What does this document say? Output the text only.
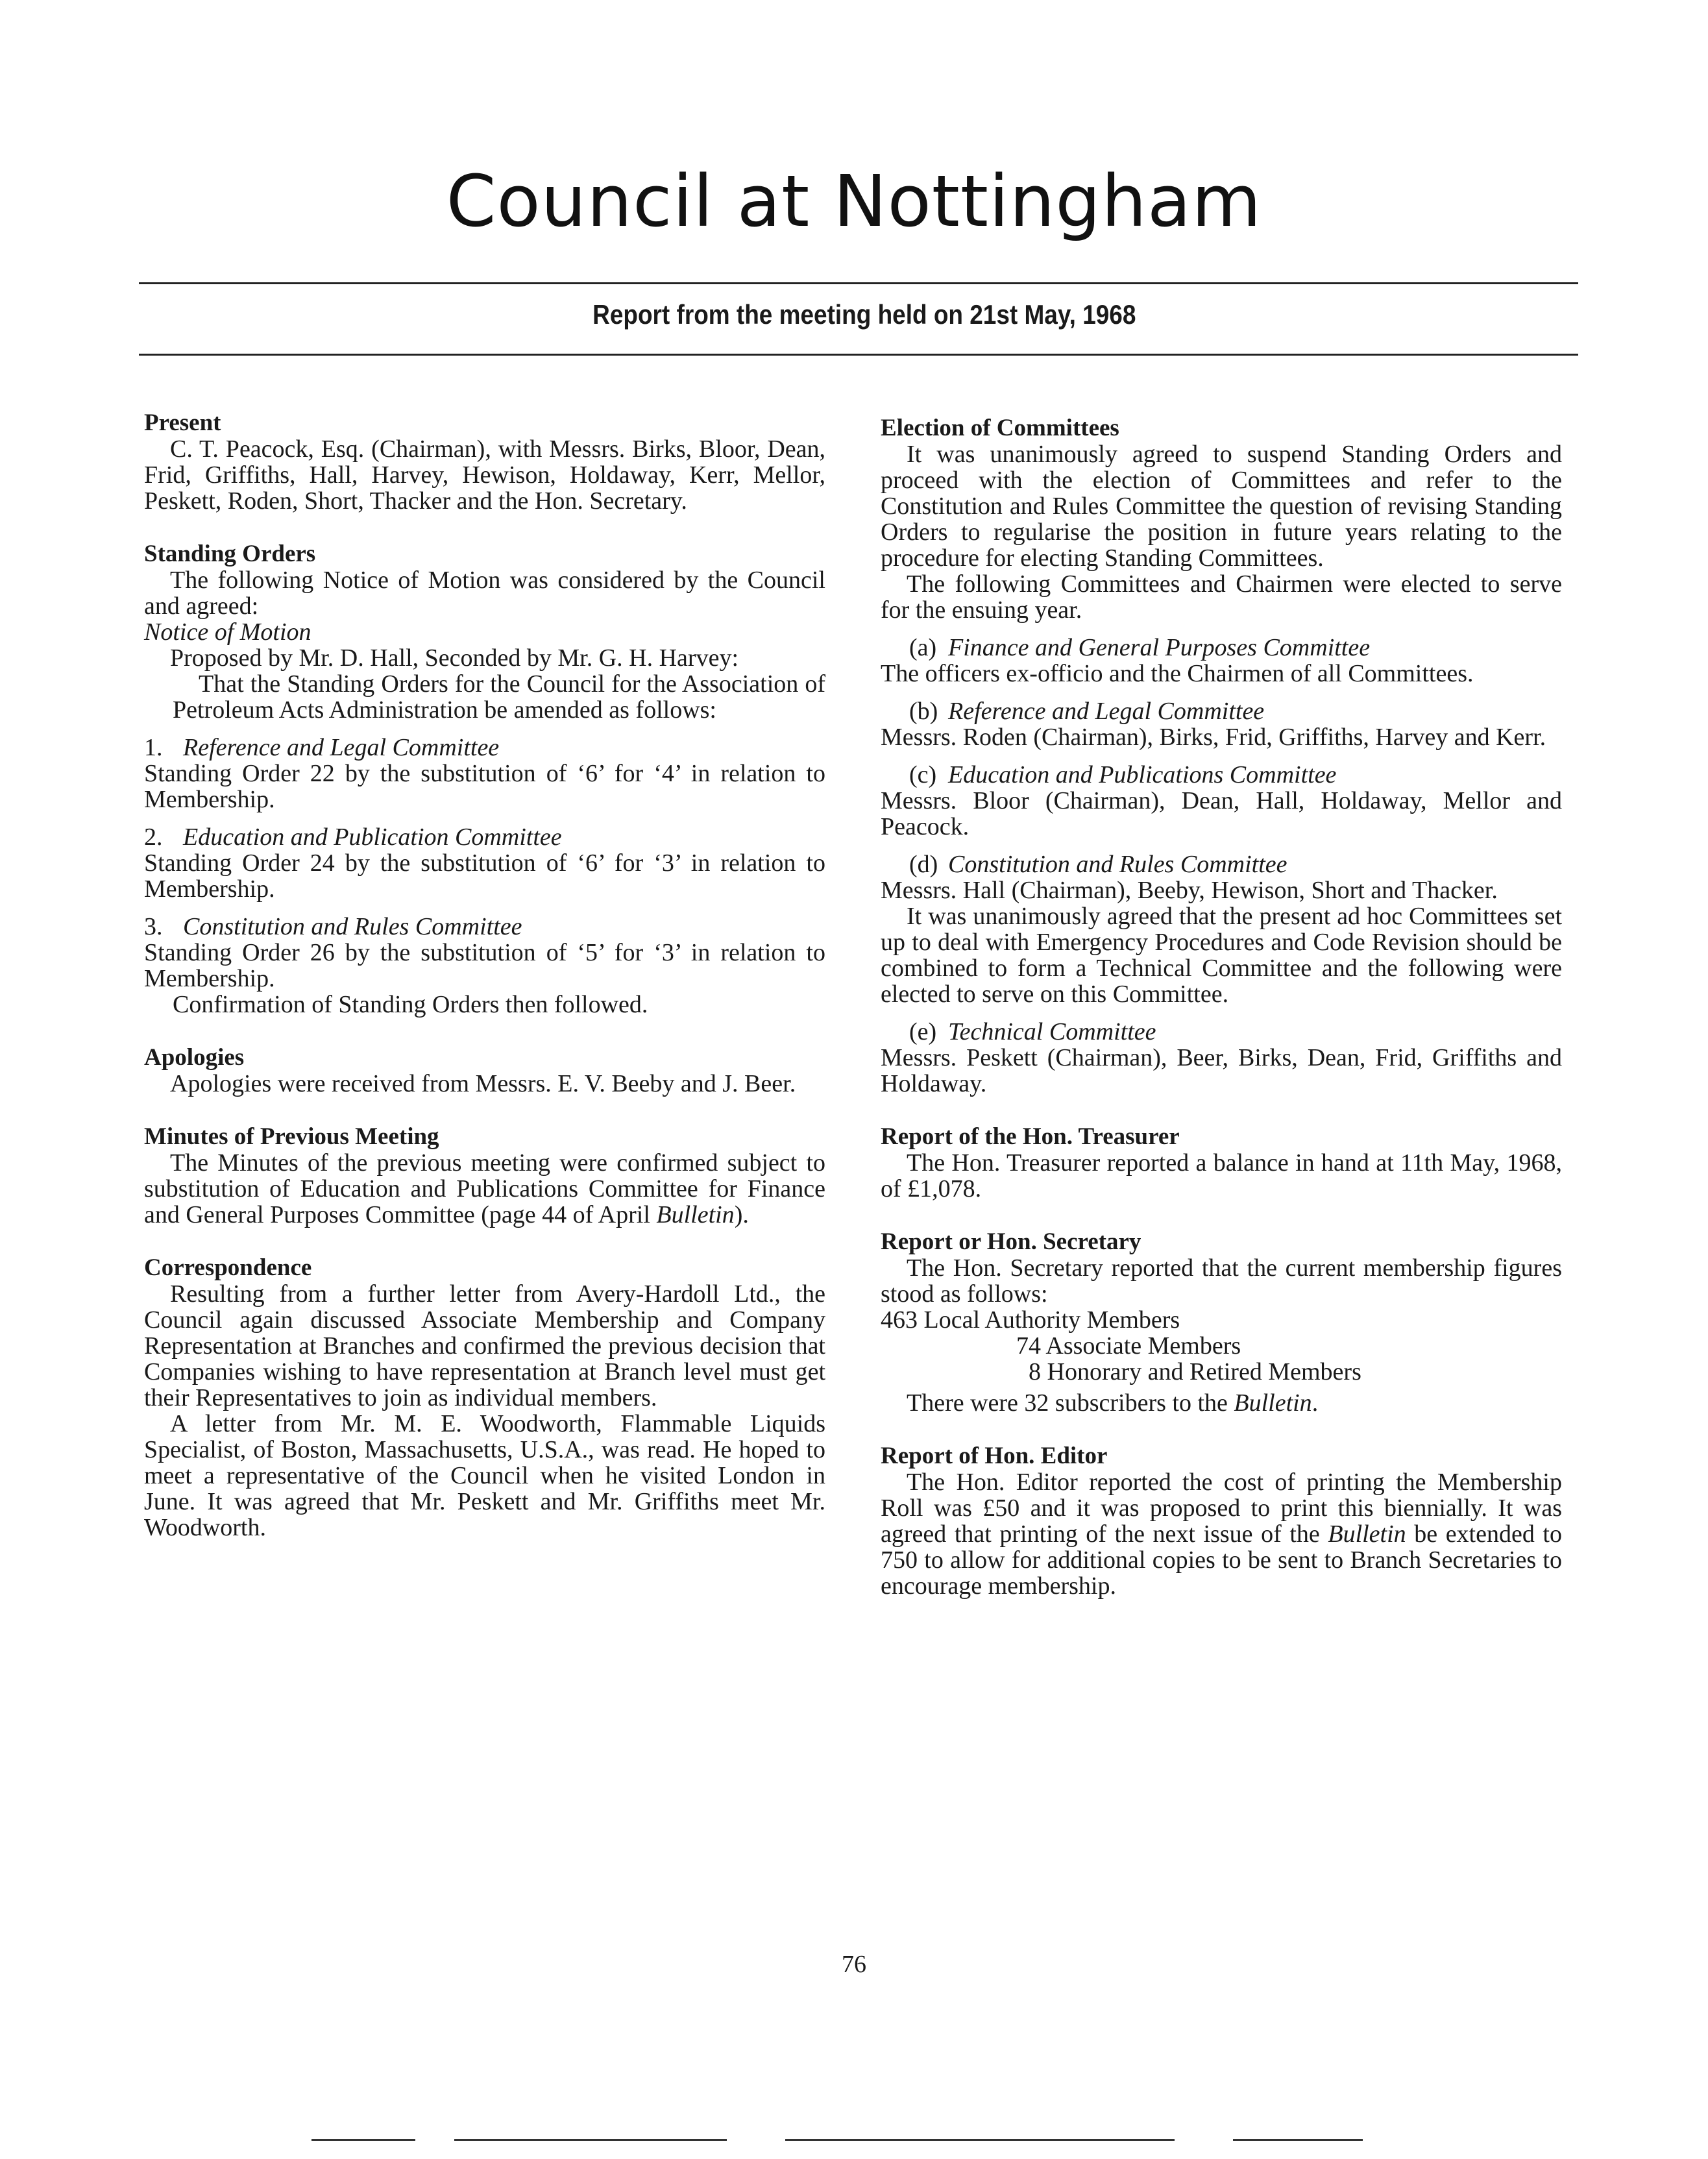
Council at Nottingham
Report from the meeting held on 21st May, 1968

Present

C. T. Peacock, Esq. (Chairman), with Messrs. Birks, Bloor, Dean, Frid, Griffiths, Hall, Harvey, Hewison, Holdaway, Kerr, Mellor, Peskett, Roden, Short, Thacker and the Hon. Secretary.

Standing Orders

The following Notice of Motion was considered by the Council and agreed:

Notice of Motion

Proposed by Mr. D. Hall, Seconded by Mr. G. H. Harvey:

That the Standing Orders for the Council for the Association of Petroleum Acts Administration be amended as follows:

1. Reference and Legal Committee

Standing Order 22 by the substitution of ‘6’ for ‘4’ in relation to Membership.

2. Education and Publication Committee

Standing Order 24 by the substitution of ‘6’ for ‘3’ in relation to Membership.

3. Constitution and Rules Committee

Standing Order 26 by the substitution of ‘5’ for ‘3’ in relation to Membership.

Confirmation of Standing Orders then followed.

Apologies

Apologies were received from Messrs. E. V. Beeby and J. Beer.

Minutes of Previous Meeting

The Minutes of the previous meeting were confirmed subject to substitution of Education and Publications Committee for Finance and General Purposes Committee (page 44 of April Bulletin).

Correspondence

Resulting from a further letter from Avery-Hardoll Ltd., the Council again discussed Associate Membership and Company Representation at Branches and confirmed the previous decision that Companies wishing to have representation at Branch level must get their Representatives to join as individual members.

A letter from Mr. M. E. Woodworth, Flammable Liquids Specialist, of Boston, Massachusetts, U.S.A., was read. He hoped to meet a representative of the Council when he visited London in June. It was agreed that Mr. Peskett and Mr. Griffiths meet Mr. Woodworth.

Election of Committees

It was unanimously agreed to suspend Standing Orders and proceed with the election of Committees and refer to the Constitution and Rules Committee the question of revising Standing Orders to regularise the position in future years relating to the procedure for electing Standing Committees.

The following Committees and Chairmen were elected to serve for the ensuing year.

(a) Finance and General Purposes Committee

The officers ex-officio and the Chairmen of all Committees.

(b) Reference and Legal Committee

Messrs. Roden (Chairman), Birks, Frid, Griffiths, Harvey and Kerr.

(c) Education and Publications Committee

Messrs. Bloor (Chairman), Dean, Hall, Holdaway, Mellor and Peacock.

(d) Constitution and Rules Committee

Messrs. Hall (Chairman), Beeby, Hewison, Short and Thacker.

It was unanimously agreed that the present ad hoc Committees set up to deal with Emergency Procedures and Code Revision should be combined to form a Technical Committee and the following were elected to serve on this Committee.

(e) Technical Committee

Messrs. Peskett (Chairman), Beer, Birks, Dean, Frid, Griffiths and Holdaway.

Report of the Hon. Treasurer

The Hon. Treasurer reported a balance in hand at 11th May, 1968, of £1,078.

Report or Hon. Secretary

The Hon. Secretary reported that the current membership figures stood as follows:

463 Local Authority Members

74 Associate Members

8 Honorary and Retired Members

There were 32 subscribers to the Bulletin.

Report of Hon. Editor

The Hon. Editor reported the cost of printing the Membership Roll was £50 and it was proposed to print this biennially. It was agreed that printing of the next issue of the Bulletin be extended to 750 to allow for additional copies to be sent to Branch Secretaries to encourage membership.

76
